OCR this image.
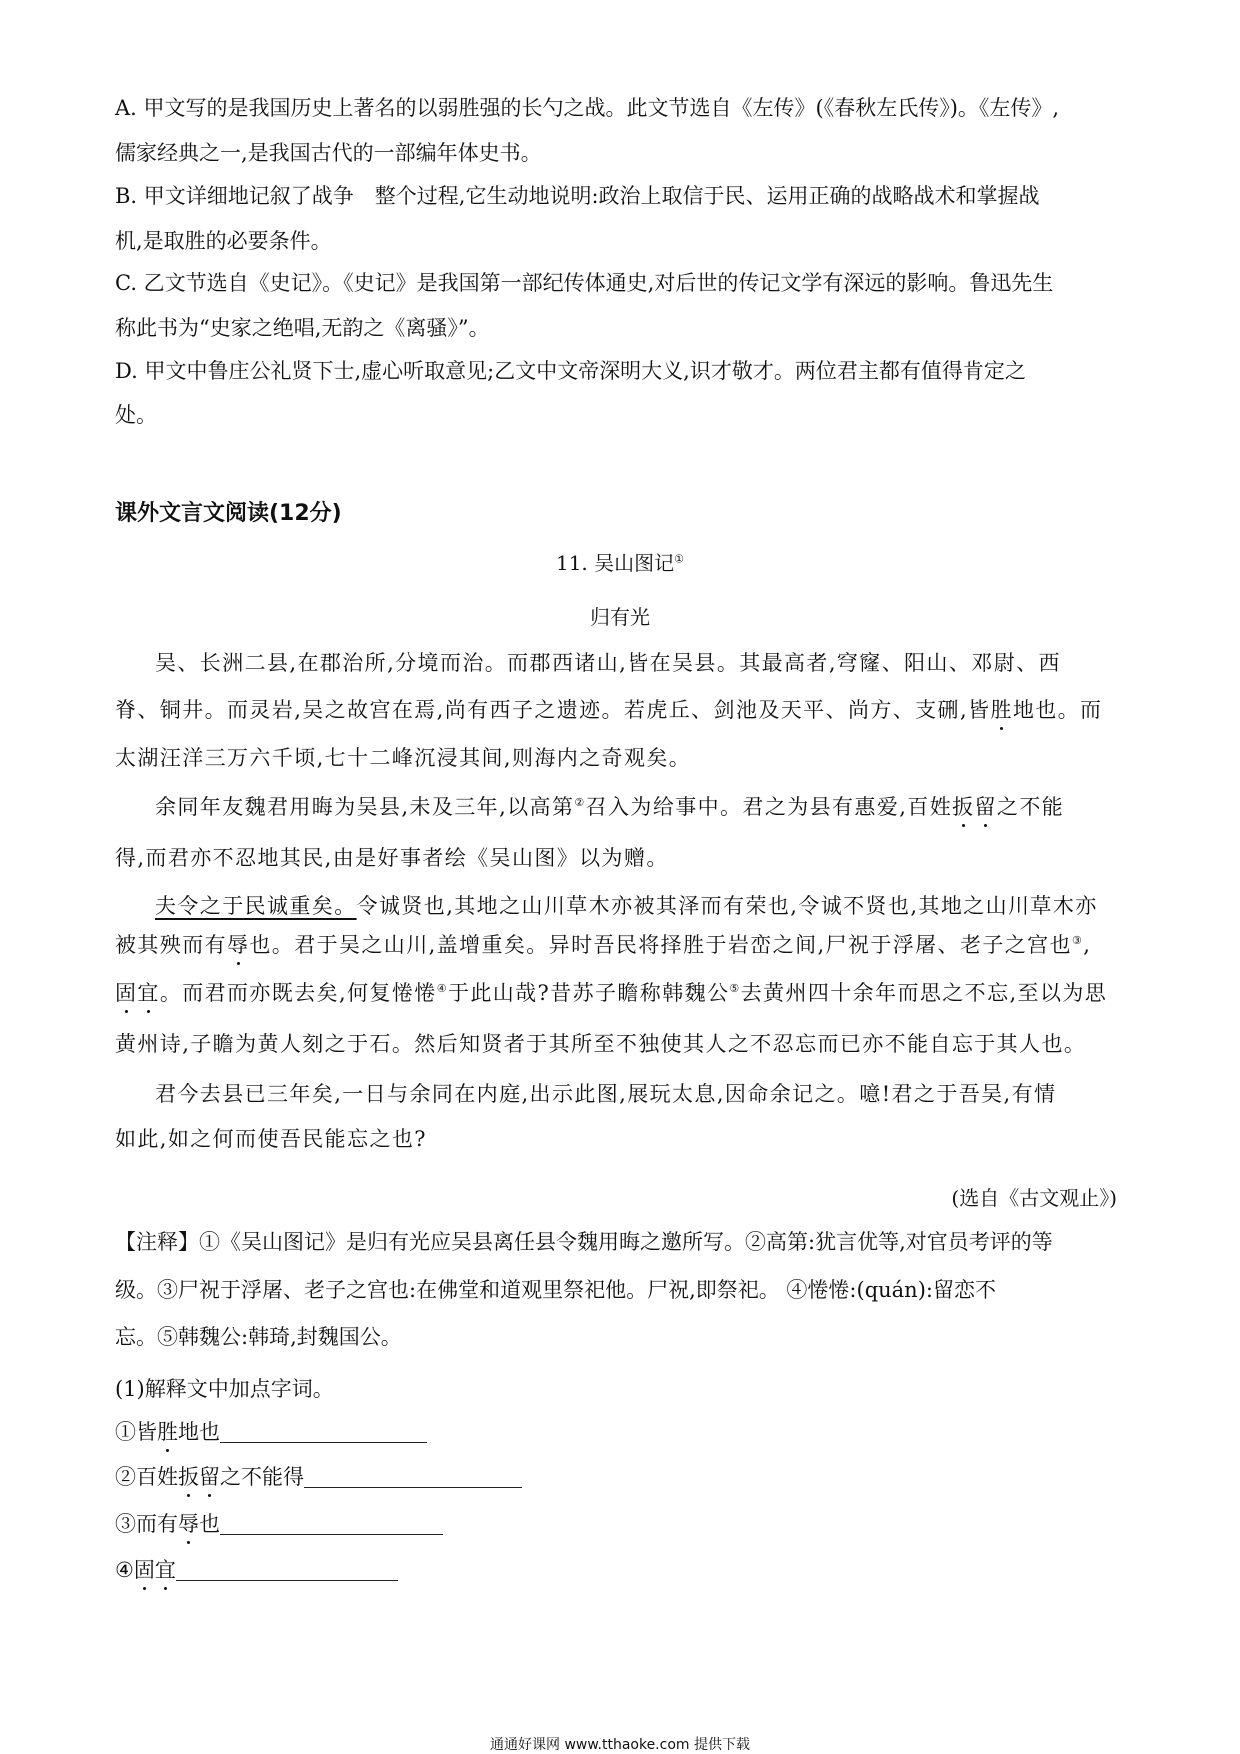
A. 甲文写的是我国历史上著名的以弱胜强的长勺之战。此文节选自《左传》(《春秋左氏传》)。《左传》,
儒家经典之一,是我国古代的一部编年体史书。
B. 甲文详细地记叙了战争　整个过程,它生动地说明:政治上取信于民、运用正确的战略战术和掌握战
机,是取胜的必要条件。
C. 乙文节选自《史记》。《史记》是我国第一部纪传体通史,对后世的传记文学有深远的影响。鲁迅先生
称此书为“史家之绝唱,无韵之《离骚》”。
D. 甲文中鲁庄公礼贤下士,虚心听取意见;乙文中文帝深明大义,识才敬才。两位君主都有值得肯定之
处。
课外文言文阅读(12分)
11. 吴山图记①
归有光
吴、长洲二县,在郡治所,分境而治。而郡西诸山,皆在吴县。其最高者,穹窿、阳山、邓尉、西
脊、铜井。而灵岩,吴之故宫在焉,尚有西子之遗迹。若虎丘、剑池及天平、尚方、支硎,皆胜地也。而
太湖汪洋三万六千顷,七十二峰沉浸其间,则海内之奇观矣。
余同年友魏君用晦为吴县,未及三年,以高第②召入为给事中。君之为县有惠爱,百姓扳留之不能
得,而君亦不忍地其民,由是好事者绘《吴山图》以为赠。
夫令之于民诚重矣。令诚贤也,其地之山川草木亦被其泽而有荣也,令诚不贤也,其地之山川草木亦
被其殃而有辱也。君于吴之山川,盖增重矣。异时吾民将择胜于岩峦之间,尸祝于浮屠、老子之宫也③,
固宜。而君而亦既去矣,何复惓惓④于此山哉?昔苏子瞻称韩魏公⑤去黄州四十余年而思之不忘,至以为思
黄州诗,子瞻为黄人刻之于石。然后知贤者于其所至不独使其人之不忍忘而已亦不能自忘于其人也。
君今去县已三年矣,一日与余同在内庭,出示此图,展玩太息,因命余记之。噫!君之于吾吴,有情
如此,如之何而使吾民能忘之也?
(选自《古文观止》)
【注释】①《吴山图记》是归有光应吴县离任县令魏用晦之邀所写。②高第:犹言优等,对官员考评的等
级。③尸祝于浮屠、老子之宫也:在佛堂和道观里祭祀他。尸祝,即祭祀。 ④惓惓:(quán):留恋不
忘。⑤韩魏公:韩琦,封魏国公。
(1)解释文中加点字词。
①皆胜地也
②百姓扳留之不能得
③而有辱也
④固宜
通通好课网 www.tthaoke.com 提供下载
